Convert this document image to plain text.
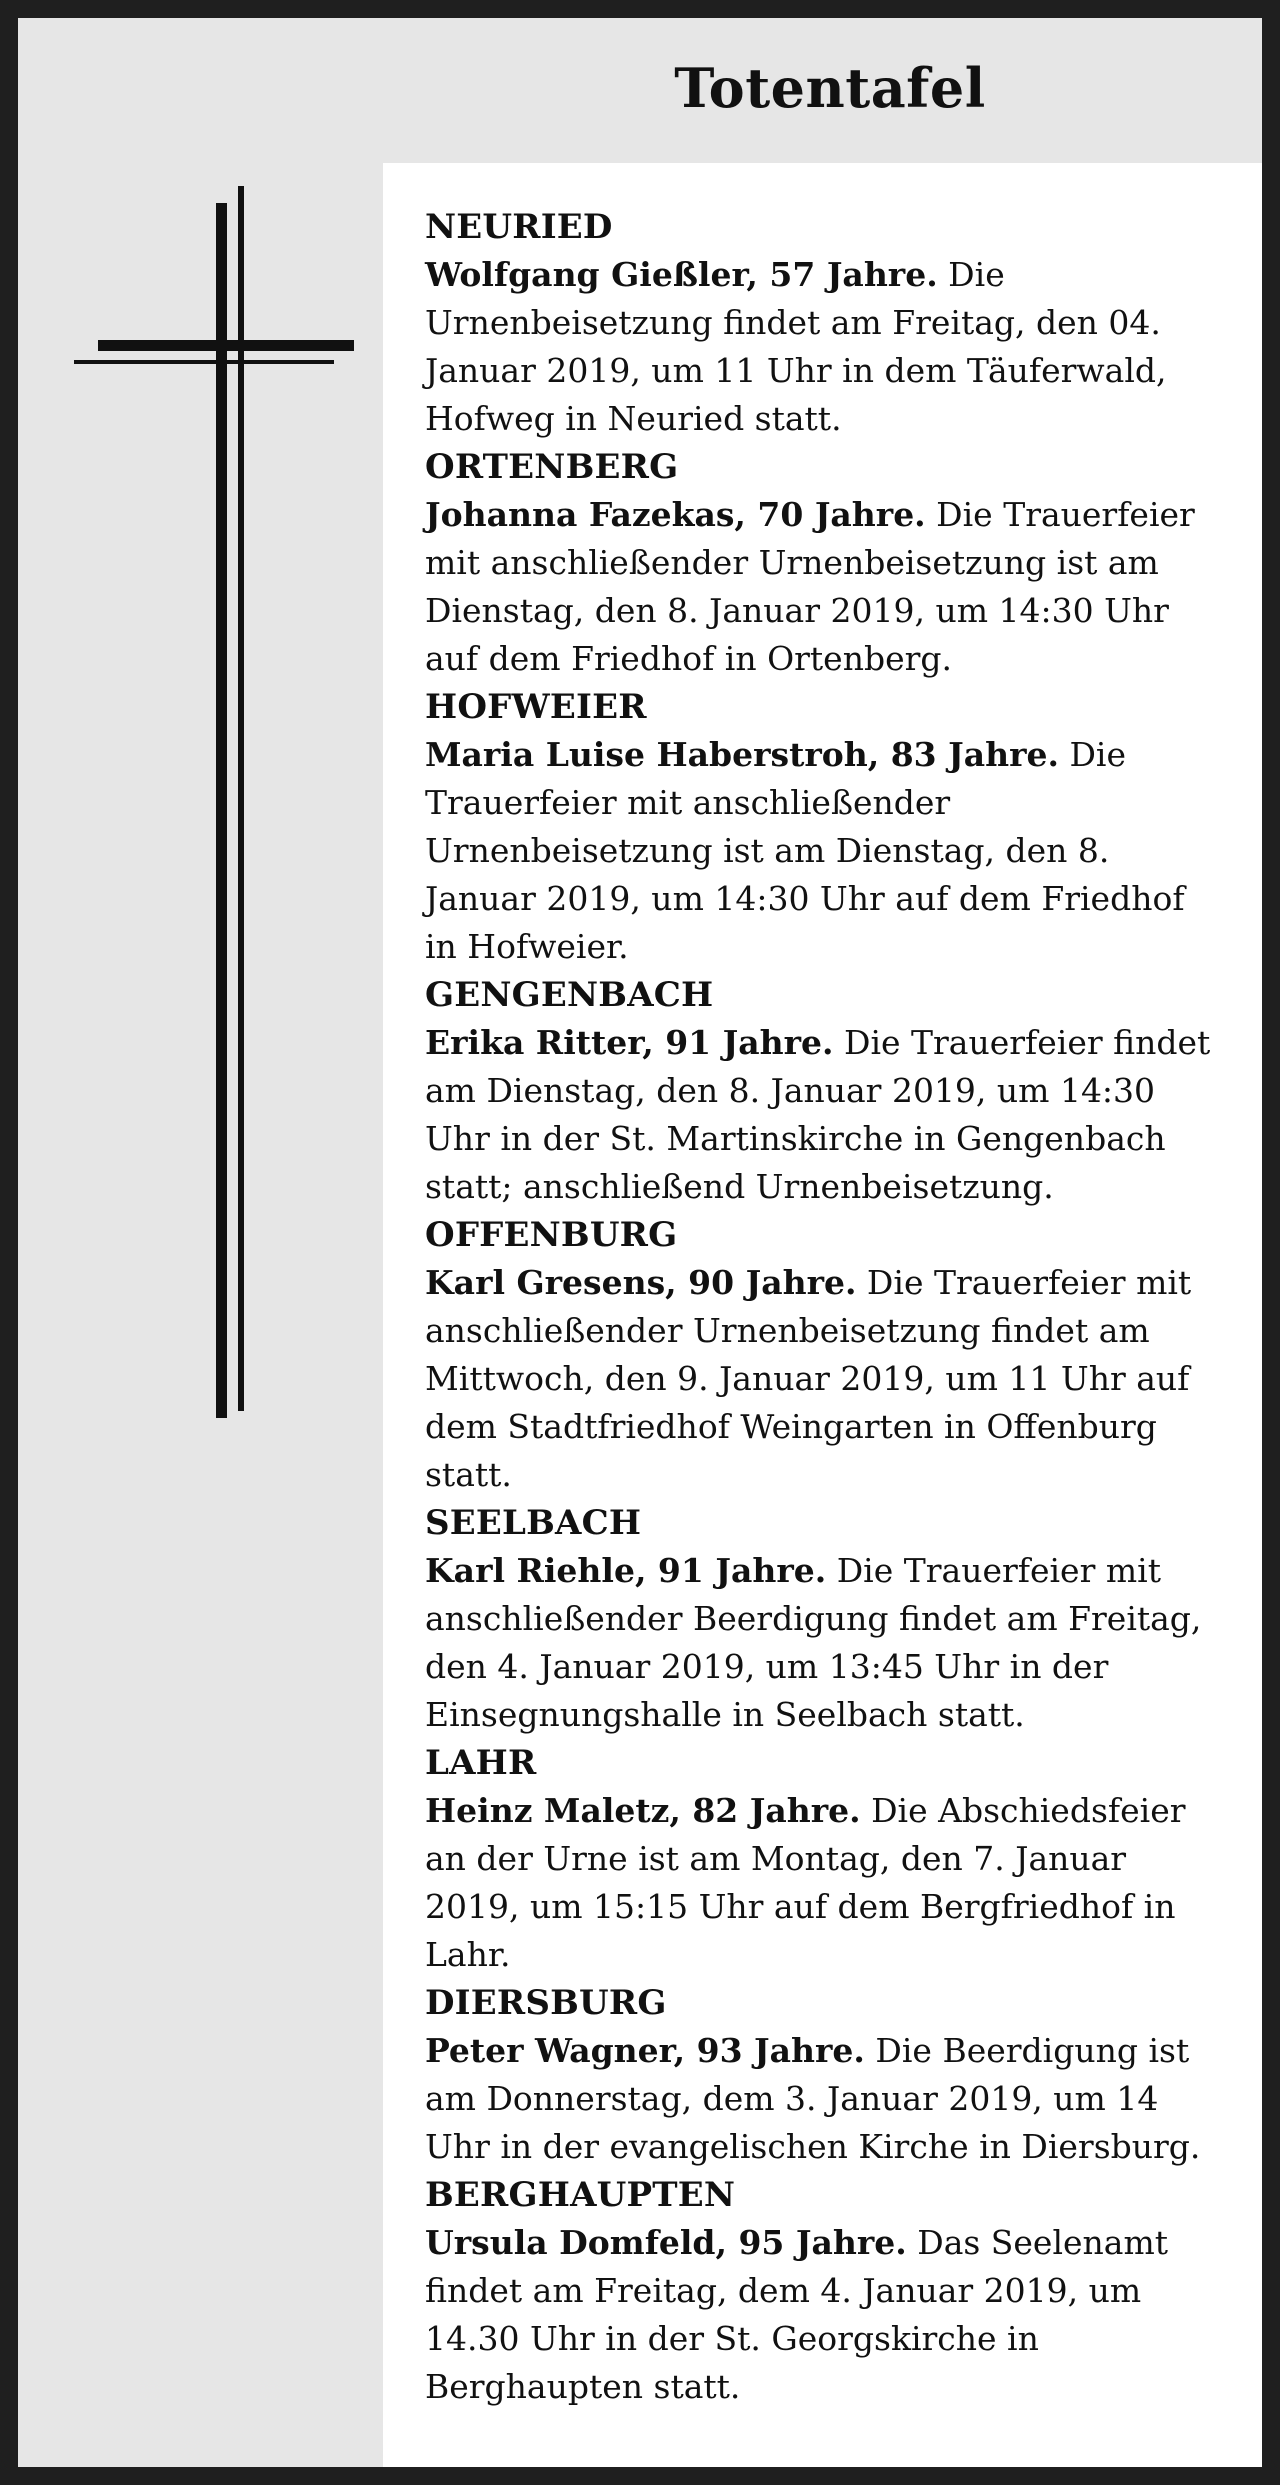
Totentafel

NEURIED

Wolfgang Gießler, 57 Jahre. Die Urnenbeisetzung findet am Freitag, den 04. Januar 2019, um 11 Uhr in dem Täuferwald, Hofweg in Neuried statt.

ORTENBERG

Johanna Fazekas, 70 Jahre. Die Trauerfeier mit anschließender Urnenbeisetzung ist am Dienstag, den 8. Januar 2019, um 14:30 Uhr auf dem Friedhof in Ortenberg.

HOFWEIER

Maria Luise Haberstroh, 83 Jahre. Die Trauerfeier mit anschließender Urnenbeisetzung ist am Dienstag, den 8. Januar 2019, um 14:30 Uhr auf dem Friedhof in Hofweier.

GENGENBACH

Erika Ritter, 91 Jahre. Die Trauerfeier findet am Dienstag, den 8. Januar 2019, um 14:30 Uhr in der St. Martinskirche in Gengenbach statt; anschließend Urnenbeisetzung.

OFFENBURG

Karl Gresens, 90 Jahre. Die Trauerfeier mit anschließender Urnenbeisetzung findet am Mittwoch, den 9. Januar 2019, um 11 Uhr auf dem Stadtfriedhof Weingarten in Offenburg statt.

SEELBACH

Karl Riehle, 91 Jahre. Die Trauerfeier mit anschließender Beerdigung findet am Freitag, den 4. Januar 2019, um 13:45 Uhr in der Einsegnungshalle in Seelbach statt.

LAHR

Heinz Maletz, 82 Jahre. Die Abschiedsfeier an der Urne ist am Montag, den 7. Januar 2019, um 15:15 Uhr auf dem Bergfriedhof in Lahr.

DIERSBURG

Peter Wagner, 93 Jahre. Die Beerdigung ist am Donnerstag, dem 3. Januar 2019, um 14 Uhr in der evangelischen Kirche in Diersburg.

BERGHAUPTEN

Ursula Domfeld, 95 Jahre. Das Seelenamt findet am Freitag, dem 4. Januar 2019, um 14.30 Uhr in der St. Georgskirche in Berghaupten statt.
